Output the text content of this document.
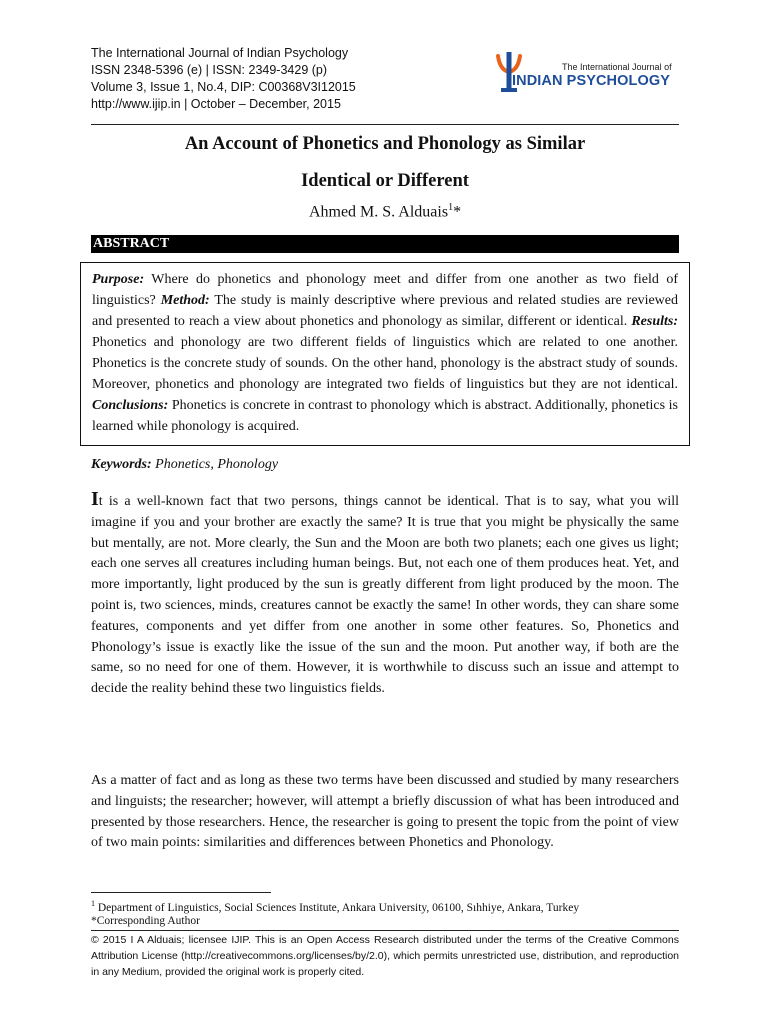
The International Journal of Indian Psychology
ISSN 2348-5396 (e) | ISSN: 2349-3429 (p)
Volume 3, Issue 1, No.4, DIP: C00368V3I12015
http://www.ijip.in | October – December, 2015
The International Journal of
INDIAN PSYCHOLOGY
An Account of Phonetics and Phonology as Similar
Identical or Different
Ahmed M. S. Alduais$^1$*
ABSTRACT
Purpose: Where do phonetics and phonology meet and differ from one another as two field of linguistics? Method: The study is mainly descriptive where previous and related studies are reviewed and presented to reach a view about phonetics and phonology as similar, different or identical. Results: Phonetics and phonology are two different fields of linguistics which are related to one another. Phonetics is the concrete study of sounds. On the other hand, phonology is the abstract study of sounds. Moreover, phonetics and phonology are integrated two fields of linguistics but they are not identical. Conclusions: Phonetics is concrete in contrast to phonology which is abstract. Additionally, phonetics is learned while phonology is acquired.
Keywords: Phonetics, Phonology
It is a well-known fact that two persons, things cannot be identical. That is to say, what you will imagine if you and your brother are exactly the same? It is true that you might be physically the same but mentally, are not. More clearly, the Sun and the Moon are both two planets; each one gives us light; each one serves all creatures including human beings. But, not each one of them produces heat. Yet, and more importantly, light produced by the sun is greatly different from light produced by the moon. The point is, two sciences, minds, creatures cannot be exactly the same! In other words, they can share some features, components and yet differ from one another in some other features. So, Phonetics and Phonology’s issue is exactly like the issue of the sun and the moon. Put another way, if both are the same, so no need for one of them. However, it is worthwhile to discuss such an issue and attempt to decide the reality behind these two linguistics fields.
As a matter of fact and as long as these two terms have been discussed and studied by many researchers and linguists; the researcher; however, will attempt a briefly discussion of what has been introduced and presented by those researchers. Hence, the researcher is going to present the topic from the point of view of two main points: similarities and differences between Phonetics and Phonology.
$^1$ Department of Linguistics, Social Sciences Institute, Ankara University, 06100, Sıhhiye, Ankara, Turkey
*Corresponding Author
© 2015 I A Alduais; licensee IJIP. This is an Open Access Research distributed under the terms of the Creative Commons Attribution License (http://creativecommons.org/licenses/by/2.0), which permits unrestricted use, distribution, and reproduction in any Medium, provided the original work is properly cited.
